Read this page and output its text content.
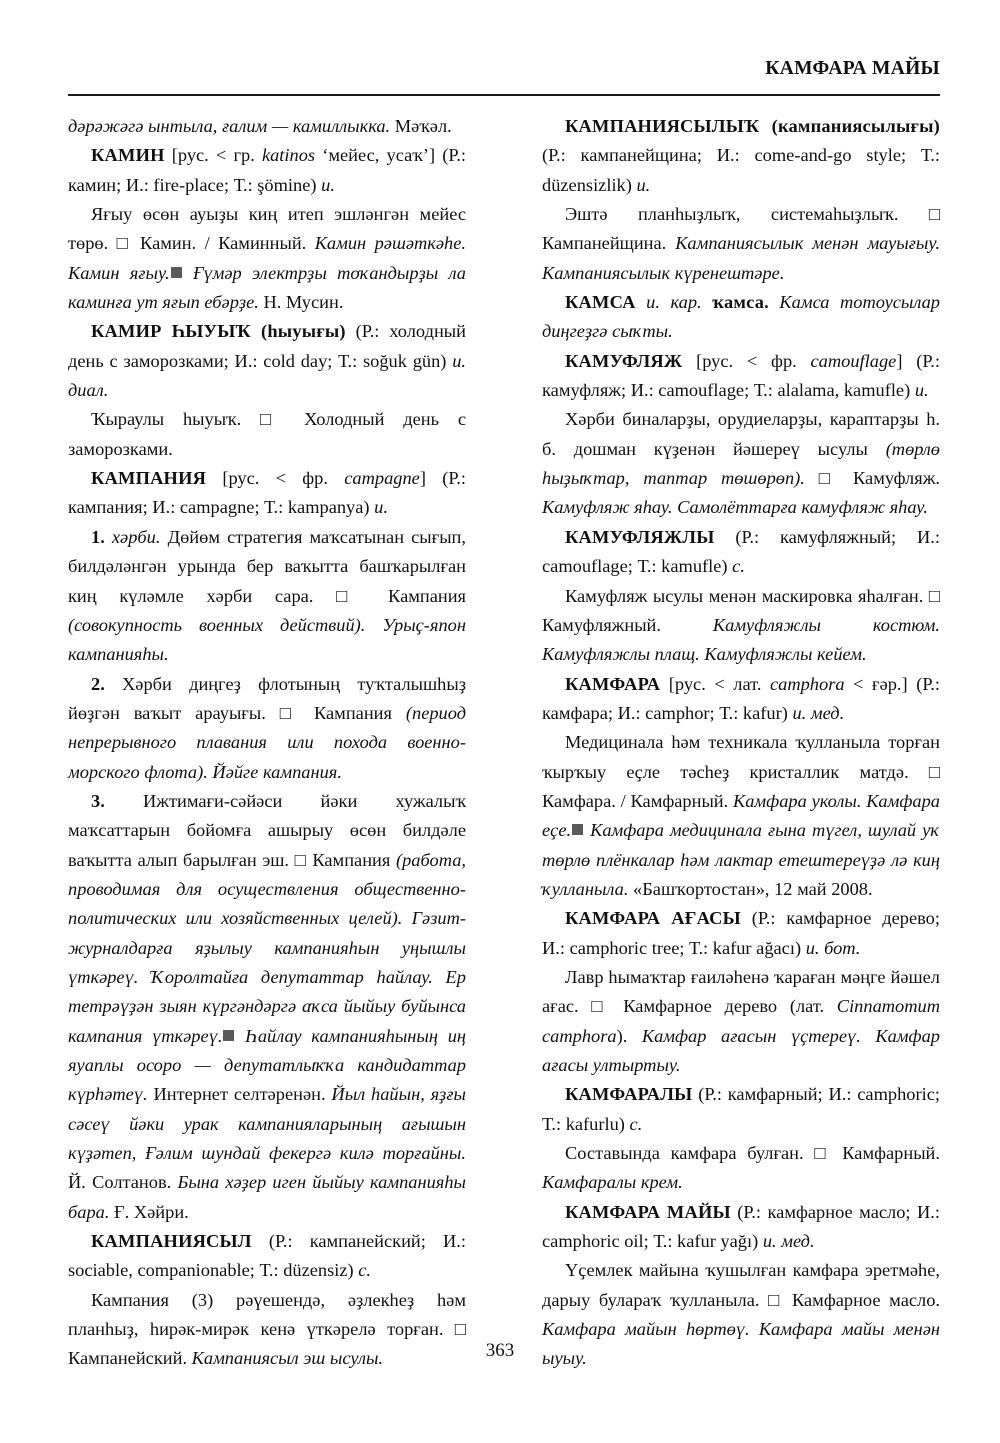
КАМФАРА МАЙЫ

дәрәжәгә ынтыла, ғалим — камиллыкка. Мәҡәл.

КАМИН [рус. < гр. katinos ‘мейес, усаҡ’] (Р.: камин; И.: fire-place; Т.: şömine) и.

Яғыу өсөн ауыҙы киң итеп эшләнгән мейес төрө. □ Камин. / Каминный. Камин рәшәткәһе. Камин яғыу. Ғүмәр электрҙы тоҡандырҙы ла каминға ут яғып ебәрҙе. Н. Мусин.

КАМИР ҺЫУЫҠ (һыуығы) (Р.: холодный день с заморозками; И.: cold day; Т.: soğuk gün) и. диал.

Ҡыраулы һыуыҡ. □ Холодный день с заморозками.

КАМПАНИЯ [рус. < фр. campagne] (Р.: кампания; И.: campagne; Т.: kampanya) и.

1. хәрби. Дөйөм стратегия маҡсатынан сығып, билдәләнгән урында бер ваҡытта башҡарылған киң күләмле хәрби сара. □ Кампания (совокупность военных действий). Урыҫ-япон кампанияһы.

2. Хәрби диңгеҙ флотының туҡталышһыҙ йөҙгән ваҡыт арауығы. □ Кампания (период непрерывного плавания или похода военно-морского флота). Йәйге кампания.

3. Ижтимағи-сәйәси йәки хужалыҡ маҡсаттарын бойомға ашырыу өсөн билдәле ваҡытта алып барылған эш. □ Кампания (работа, проводимая для осуществления общественно-политических или хозяйственных целей). Гәзит-журналдарға яҙылыу кампанияһын уңышлы үткәреү. Ҡоролтайға депутаттар һайлау. Ер тетрәүҙән зыян күргәндәргә аҡса йыйыу буйынса кампания үткәреү. Һайлау кампанияһының иң яуаплы осоро — депутатлыҡҡа кандидаттар күрһәтеү. Интернет селтәренән. Йыл һайын, яҙғы сәсеү йәки урак кампанияларының ағышын күҙәтеп, Ғәлим шундай фекергә килә торғайны. Й. Солтанов. Бына хәҙер иген йыйыу кампанияһы бара. Ғ. Хәйри.

КАМПАНИЯСЫЛ (Р.: кампанейский; И.: sociable, companionable; Т.: düzensiz) с.

Кампания (3) рәүешендә, әҙлекһеҙ һәм планһыҙ, һирәк-мирәк кенә үткәрелә торған. □ Кампанейский. Кампаниясыл эш ысулы.

КАМПАНИЯСЫЛЫҠ (кампаниясылығы) (Р.: кампанейщина; И.: come-and-go style; Т.: düzensizlik) и.

Эштә планһыҙлыҡ, системаһыҙлыҡ. □ Кампанейщина. Кампаниясылык менән мауығыу. Кампаниясылык күренештәре.

КАМСА и. кар. ҡамса. Камса тотоусылар диңгеҙгә сыҡты.

КАМУФЛЯЖ [рус. < фр. camouflage] (Р.: камуфляж; И.: camouflage; Т.: alalama, kamufle) и.

Хәрби биналарҙы, орудиеларҙы, караптарҙы һ. б. дошман күҙенән йәшереү ысулы (төрлө һыҙыҡтар, таптар төшөрөп). □ Камуфляж. Камуфляж яһау. Самолёттарға камуфляж яһау.

КАМУФЛЯЖЛЫ (Р.: камуфляжный; И.: camouflage; Т.: kamufle) с.

Камуфляж ысулы менән маскировка яһалған. □ Камуфляжный. Камуфляжлы костюм. Камуфляжлы плащ. Камуфляжлы кейем.

КАМФАРА [рус. < лат. camphora < ғәр.] (Р.: камфара; И.: camphor; Т.: kafur) и. мед.

Медицинала һәм техникала ҡулланыла торған ҡырҡыу еҫле тәсһеҙ кристаллик матдә. □ Камфара. / Камфарный. Камфара уколы. Камфара еҫе. Камфара медицинала ғына түгел, шулай уҡ төрлө плёнкалар һәм лактар етештереүҙә лә киң ҡулланыла. «Башҡортостан», 12 май 2008.

КАМФАРА АҒАСЫ (Р.: камфарное дерево; И.: camphoric tree; Т.: kafur ağacı) и. бот.

Лавр һымаҡтар ғаиләһенә ҡараған мәңге йәшел ағас. □ Камфарное дерево (лат. Cinnamomum camphora). Камфар ағасын үҫтереү. Камфар ағасы ултыртыу.

КАМФАРАЛЫ (Р.: камфарный; И.: camphoric; Т.: kafurlu) с.

Составында камфара булған. □ Камфарный. Камфаралы крем.

КАМФАРА МАЙЫ (Р.: камфарное масло; И.: camphoric oil; Т.: kafur yağı) и. мед.

Үҫемлек майына ҡушылған камфара эретмәһе, дарыу булараҡ ҡулланыла. □ Камфарное масло. Камфара майын һөртөү. Камфара майы менән ыуыу.

363
